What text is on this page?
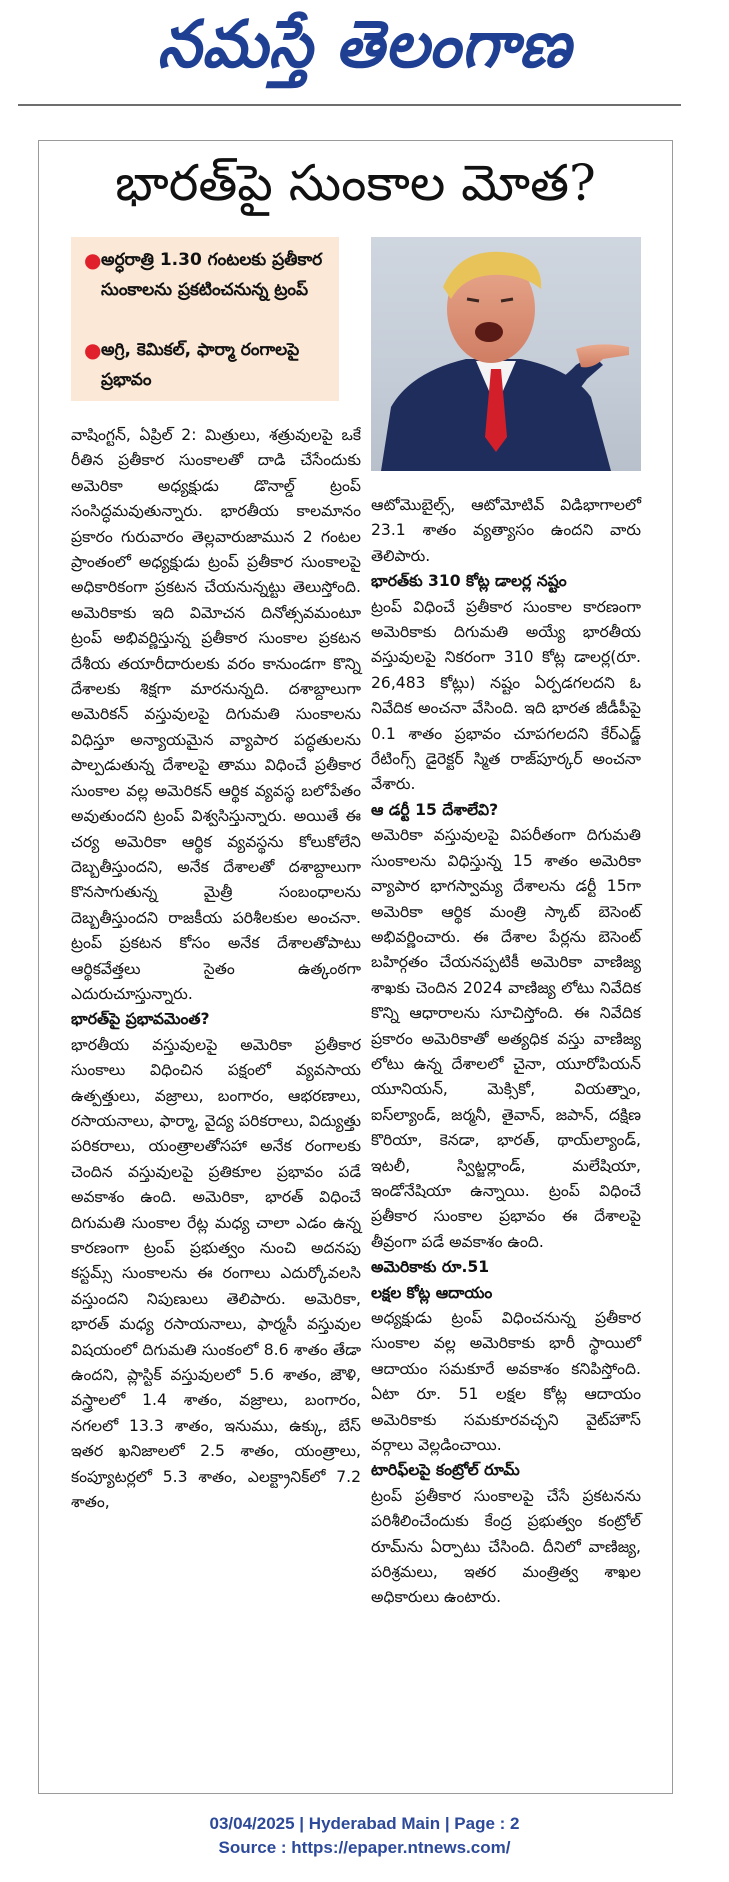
నమస్తే తెలంగాణ
భారత్‌పై సుంకాల మోత?
● అర్ధరాత్రి 1.30 గంటలకు ప్రతీకార సుంకాలను ప్రకటించనున్న ట్రంప్
● అగ్రి, కెమికల్‌, ఫార్మా రంగాలపై ప్రభావం

వాషింగ్టన్‌, ఏప్రిల్‌ 2: మిత్రులు, శత్రువులపై ఒకే రీతిన ప్రతీకార సుంకాలతో దాడి చేసేందుకు అమెరికా అధ్యక్షుడు డొనాల్డ్‌ ట్రంప్‌ సంసిద్ధమవుతున్నారు. భారతీయ కాలమానం ప్రకారం గురువారం తెల్లవారుజామున 2 గంటల ప్రాంతంలో అధ్యక్షుడు ట్రంప్‌ ప్రతీకార సుంకాలపై అధికారికంగా ప్రకటన చేయనున్నట్టు తెలుస్తోంది. అమెరికాకు ఇది విమోచన దినోత్సవమంటూ ట్రంప్‌ అభివర్ణిస్తున్న ప్రతీకార సుంకాల ప్రకటన దేశీయ తయారీదారులకు వరం కానుండగా కొన్ని దేశాలకు శిక్షగా మారనున్నది. దశాబ్దాలుగా అమెరికన్‌ వస్తువులపై దిగుమతి సుంకాలను విధిస్తూ అన్యాయమైన వ్యాపార పద్ధతులను పాల్పడుతున్న దేశాలపై తాము విధించే ప్రతీకార సుంకాల వల్ల అమెరికన్‌ ఆర్థిక వ్యవస్థ బలోపేతం అవుతుందని ట్రంప్‌ విశ్వసిస్తున్నారు. అయితే ఈ చర్య అమెరికా ఆర్థిక వ్యవస్థను కోలుకోలేని దెబ్బతీస్తుందని, అనేక దేశాలతో దశాబ్దాలుగా కొనసాగుతున్న మైత్రీ సంబంధాలను దెబ్బతీస్తుందని రాజకీయ పరిశీలకుల అంచనా. ట్రంప్‌ ప్రకటన కోసం అనేక దేశాలతోపాటు ఆర్థికవేత్తలు సైతం ఉత్కంఠగా ఎదురుచూస్తున్నారు.

భారత్‌పై ప్రభావమెంత?

భారతీయ వస్తువులపై అమెరికా ప్రతీకార సుంకాలు విధించిన పక్షంలో వ్యవసాయ ఉత్పత్తులు, వజ్రాలు, బంగారం, ఆభరణాలు, రసాయనాలు, ఫార్మా, వైద్య పరికరాలు, విద్యుత్తు పరికరాలు, యంత్రాలతోసహా అనేక రంగాలకు చెందిన వస్తువులపై ప్రతికూల ప్రభావం పడే అవకాశం ఉంది. అమెరికా, భారత్‌ విధించే దిగుమతి సుంకాల రేట్ల మధ్య చాలా ఎడం ఉన్న కారణంగా ట్రంప్‌ ప్రభుత్వం నుంచి అదనపు కస్టమ్స్‌ సుంకాలను ఈ రంగాలు ఎదుర్కోవలసి వస్తుందని నిపుణులు తెలిపారు. అమెరికా, భారత్‌ మధ్య రసాయనాలు, ఫార్మసీ వస్తువుల విషయంలో దిగుమతి సుంకంలో 8.6 శాతం తేడా ఉందని, ప్లాస్టిక్‌ వస్తువులలో 5.6 శాతం, జౌళి, వస్త్రాలలో 1.4 శాతం, వజ్రాలు, బంగారం, నగలలో 13.3 శాతం, ఇనుము, ఉక్కు, బేస్‌ ఇతర ఖనిజాలలో 2.5 శాతం, యంత్రాలు, కంప్యూటర్లలో 5.3 శాతం, ఎలక్ట్రానిక్‌లో 7.2 శాతం,

ఆటోమొబైల్స్‌, ఆటోమోటివ్‌ విడిభాగాలలో 23.1 శాతం వ్యత్యాసం ఉందని వారు తెలిపారు.

భారత్‌కు 310 కోట్ల డాలర్ల నష్టం

ట్రంప్‌ విధించే ప్రతీకార సుంకాల కారణంగా అమెరికాకు దిగుమతి అయ్యే భారతీయ వస్తువులపై నికరంగా 310 కోట్ల డాలర్ల(రూ. 26,483 కోట్లు) నష్టం ఏర్పడగలదని ఓ నివేదిక అంచనా వేసింది. ఇది భారత జీడీపీపై 0.1 శాతం ప్రభావం చూపగలదని కేర్‌ఎడ్జ్‌ రేటింగ్స్‌ డైరెక్టర్‌ స్మిత రాజ్‌పూర్కర్‌ అంచనా వేశారు.

ఆ డర్టీ 15 దేశాలేవి?

అమెరికా వస్తువులపై విపరీతంగా దిగుమతి సుంకాలను విధిస్తున్న 15 శాతం అమెరికా వ్యాపార భాగస్వామ్య దేశాలను డర్టీ 15గా అమెరికా ఆర్థిక మంత్రి స్కాట్‌ బెసెంట్‌ అభివర్ణించారు. ఈ దేశాల పేర్లను బెసెంట్‌ బహిర్గతం చేయనప్పటికీ అమెరికా వాణిజ్య శాఖకు చెందిన 2024 వాణిజ్య లోటు నివేదిక కొన్ని ఆధారాలను సూచిస్తోంది. ఈ నివేదిక ప్రకారం అమెరికాతో అత్యధిక వస్తు వాణిజ్య లోటు ఉన్న దేశాలలో చైనా, యూరోపియన్‌ యూనియన్‌, మెక్సికో, వియత్నాం, ఐస్‌ల్యాండ్‌, జర్మనీ, తైవాన్‌, జపాన్‌, దక్షిణ కొరియా, కెనడా, భారత్‌, థాయ్‌ల్యాండ్‌, ఇటలీ, స్విట్జర్లాండ్‌, మలేషియా, ఇండోనేషియా ఉన్నాయి. ట్రంప్‌ విధించే ప్రతీకార సుంకాల ప్రభావం ఈ దేశాలపై తీవ్రంగా పడే అవకాశం ఉంది.

అమెరికాకు రూ.51

లక్షల కోట్ల ఆదాయం

అధ్యక్షుడు ట్రంప్‌ విధించనున్న ప్రతీకార సుంకాల వల్ల అమెరికాకు భారీ స్థాయిలో ఆదాయం సమకూరే అవకాశం కనిపిస్తోంది. ఏటా రూ. 51 లక్షల కోట్ల ఆదాయం అమెరికాకు సమకూరవచ్చని వైట్‌హౌస్‌ వర్గాలు వెల్లడించాయి.

టారిఫ్‌లపై కంట్రోల్‌ రూమ్‌

ట్రంప్‌ ప్రతీకార సుంకాలపై చేసే ప్రకటనను పరిశీలించేందుకు కేంద్ర ప్రభుత్వం కంట్రోల్‌ రూమ్‌ను ఏర్పాటు చేసింది. దీనిలో వాణిజ్య, పరిశ్రమలు, ఇతర మంత్రిత్వ శాఖల అధికారులు ఉంటారు.

03/04/2025 | Hyderabad Main | Page : 2
Source : https://epaper.ntnews.com/
